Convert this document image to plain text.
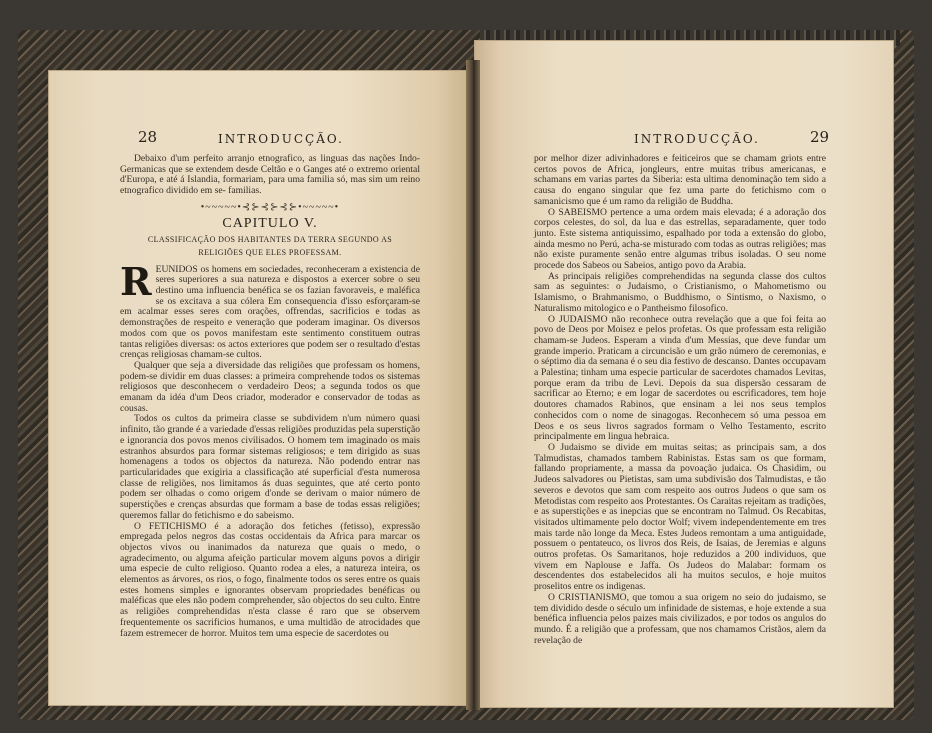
28	INTRODUCÇÃO.

Debaixo d'um perfeito arranjo etnografico, as linguas das nações Indo-Germanicas que se extendem desde Celtão e o Ganges até o extremo oriental d'Europa, e até á Islandia, formariam, para uma familia só, mas sim um reino etnografico dividido em se- familias.

•~~~~~•⊰⊱⊰⊱⊰⊱•~~~~~•
CAPITULO V.
CLASSIFICAÇÃO DOS HABITANTES DA TERRA SEGUNDO AS
RELIGIÕES QUE ELES PROFESSAM.

REUNIDOS os homens em sociedades, reconheceram a existencia de seres superiores a sua natureza e dispostos a exercer sobre o seu destino uma influencia benéfica se os fazian favoraveis, e maléfica se os excitava a sua cólera Em consequencia d'isso esforçaram-se em acalmar esses seres com orações, offrendas, sacrificios e todas as demonstrações de respeito e veneração que poderam imaginar. Os diversos modos com que os povos manifestam este sentimento constituem outras tantas religiões diversas: os actos exteriores que podem ser o resultado d'estas crenças religiosas chamam-se cultos.

Qualquer que seja a diversidade das religiões que professam os homens, podem-se dividir em duas classes: a primeira comprehende todos os sistemas religiosos que desconhecem o verdadeiro Deos; a segunda todos os que emanam da idéa d'um Deos criador, moderador e conservador de todas as cousas.

Todos os cultos da primeira classe se subdividem n'um número quasi infinito, tão grande é a variedade d'essas religiões produzidas pela superstição e ignorancia dos povos menos civilisados. O homem tem imaginado os mais estranhos absurdos para formar sistemas religiosos; e tem dirigido as suas homenagens a todos os objectos da natureza. Não podendo entrar nas particularidades que exigiria a classificação até superficial d'esta numerosa classe de religiões, nos limitamos ás duas seguintes, que até certo ponto podem ser olhadas o como origem d'onde se derivam o maior número de superstições e crenças absurdas que formam a base de todas essas religiões; queremos fallar do fetichismo e do sabeismo.

O FETICHISMO é a adoração dos fetiches (fetisso), expressão empregada pelos negros das costas occidentais da Africa para marcar os objectos vivos ou inanimados da natureza que quais o medo, o agradecimento, ou alguma afeição particular movem alguns povos a dirigir uma especie de culto religioso. Quanto rodea a eles, a natureza inteira, os elementos as árvores, os rios, o fogo, finalmente todos os seres entre os quais estes homens simples e ignorantes observam propriedades benéficas ou maléficas que eles não podem comprehender, são objectos do seu culto. Entre as religiões comprehendidas n'esta classe é raro que se observem frequentemente os sacrificios humanos, e uma multidão de atrocidades que fazem estremecer de horror. Muitos tem uma especie de sacerdotes ou

INTRODUCÇÃO.	29

por melhor dizer adivinhadores e feiticeiros que se chamam griots entre certos povos de Africa, jongleurs, entre muitas tribus americanas, e schamans em varias partes da Siberia: esta ultima denominação tem sido a causa do engano singular que fez uma parte do fetichismo com o samanicismo que é um ramo da religião de Buddha.

O SABEISMO pertence a uma ordem mais elevada; é a adoração dos corpos celestes, do sol, da lua e das estrellas, separadamente, quer todo junto. Este sistema antiquissimo, espalhado por toda a extensão do globo, ainda mesmo no Perú, acha-se misturado com todas as outras religiões; mas não existe puramente senão entre algumas tribus isoladas. O seu nome procede dos Sabeos ou Sabeios, antigo povo da Arabia.

As principais religiões comprehendidas na segunda classe dos cultos sam as seguintes: o Judaismo, o Cristianismo, o Mahometismo ou Islamismo, o Brahmanismo, o Buddhismo, o Sintismo, o Naxismo, o Naturalismo mitologico e o Pantheismo filosofico.

O JUDAISMO não reconhece outra revelação que a que foi feita ao povo de Deos por Moisez e pelos profetas. Os que professam esta religião chamam-se Judeos. Esperam a vinda d'um Messias, que deve fundar um grande imperio. Praticam a circuncisão e um grão número de ceremonias, e o séptimo dia da semana é o seu dia festivo de descanso. Dantes occupavam a Palestina; tinham uma especie particular de sacerdotes chamados Levitas, porque eram da tribu de Levi. Depois da sua dispersão cessaram de sacrificar ao Eterno; e em logar de sacerdotes ou escrificadores, tem hoje doutores chamados Rabinos, que ensinam a lei nos seus templos conhecidos com o nome de sinagogas. Reconhecem só uma pessoa em Deos e os seus livros sagrados formam o Velho Testamento, escrito principalmente em lingua hebraica.

O Judaismo se divide em muitas seitas; as principais sam, a dos Talmudistas, chamados tambem Rabinistas. Estas sam os que formam, fallando propriamente, a massa da povoação judaica. Os Chasidim, ou Judeos salvadores ou Pietistas, sam uma subdivisão dos Talmudistas, e tão severos e devotos que sam com respeito aos outros Judeos o que sam os Metodistas com respeito aos Protestantes. Os Caraitas rejeitam as tradições, e as superstições e as inepcias que se encontram no Talmud. Os Recabitas, visitados ultimamente pelo doctor Wolf; vivem independentemente em tres mais tarde não longe da Meca. Estes Judeos remontam a uma antiguidade, possuem o pentateuco, os livros dos Reis, de Isaias, de Jeremias e alguns outros profetas. Os Samaritanos, hoje reduzidos a 200 individuos, que vivem em Naplouse e Jaffa. Os Judeos do Malabar: formam os descendentes dos estabelecidos ali ha muitos seculos, e hoje muitos proselitos entre os indigenas.

O CRISTIANISMO, que tomou a sua origem no seio do judaismo, se tem dividido desde o século um infinidade de sistemas, e hoje extende a sua benéfica influencia pelos paizes mais civilizados, e por todos os angulos do mundo. É a religião que a professam, que nos chamamos Cristãos, alem da revelação de
